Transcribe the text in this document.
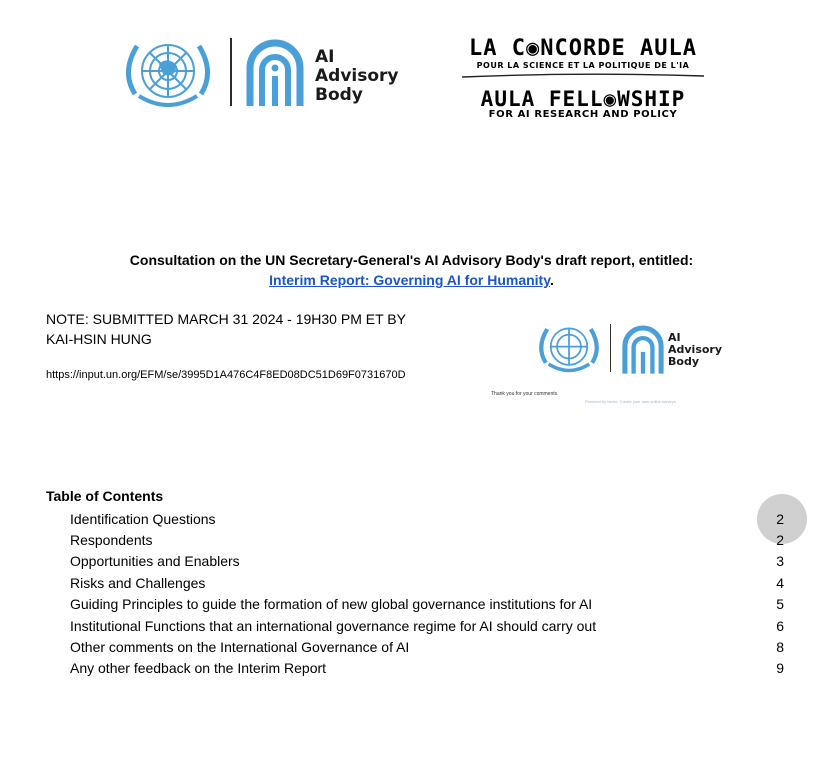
AI
Advisory
Body
LA C◉NCORDE AULA
POUR LA SCIENCE ET LA POLITIQUE DE L'IA
AULA FELL◉WSHIP
FOR AI RESEARCH AND POLICY
Consultation on the UN Secretary-General's AI Advisory Body's draft report, entitled:
Interim Report: Governing AI for Humanity.
NOTE: SUBMITTED MARCH 31 2024 - 19H30 PM ET BY
KAI-HSIN HUNG
https://input.un.org/EFM/se/3995D1A476C4F8ED08DC51D69F0731670D
AI
Advisory
Body
Thank you for your comments.
Powered by Nexio. Create your own online surveys
Table of Contents
Identification Questions	2
Respondents	2
Opportunities and Enablers	3
Risks and Challenges	4
Guiding Principles to guide the formation of new global governance institutions for AI	5
Institutional Functions that an international governance regime for AI should carry out	6
Other comments on the International Governance of AI	8
Any other feedback on the Interim Report	9
